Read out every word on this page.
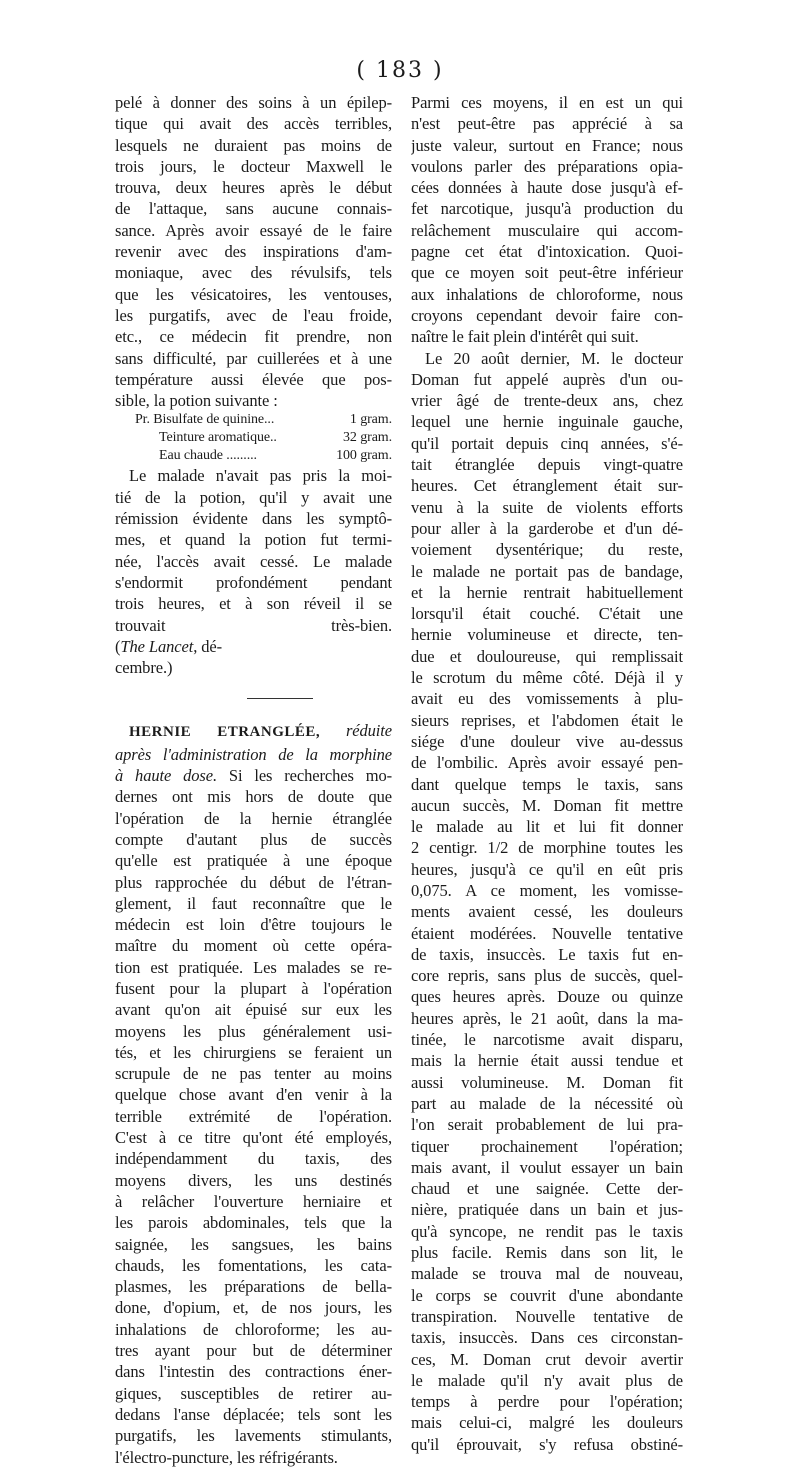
( 183 )
pelé à donner des soins à un épilep-
tique qui avait des accès terribles,
lesquels ne duraient pas moins de
trois jours, le docteur Maxwell le
trouva, deux heures après le début
de l'attaque, sans aucune connais-
sance. Après avoir essayé de le faire
revenir avec des inspirations d'am-
moniaque, avec des révulsifs, tels
que les vésicatoires, les ventouses,
les purgatifs, avec de l'eau froide,
etc., ce médecin fit prendre, non
sans difficulté, par cuillerées et à une
température aussi élevée que pos-
sible, la potion suivante :
Pr. Bisulfate de quinine...	1 gram.
Teinture aromatique..	32 gram.
Eau chaude .........	100 gram.
Le malade n'avait pas pris la moi-
tié de la potion, qu'il y avait une
rémission évidente dans les symptô-
mes, et quand la potion fut termi-
née, l'accès avait cessé. Le malade
s'endormit profondément pendant
trois heures, et à son réveil il se
trouvait très-bien.
(The Lancet, dé-
cembre.)
HERNIE ETRANGLÉE, réduite
après l'administration de la morphine
à haute dose. Si les recherches mo-
dernes ont mis hors de doute que
l'opération de la hernie étranglée
compte d'autant plus de succès
qu'elle est pratiquée à une époque
plus rapprochée du début de l'étran-
glement, il faut reconnaître que le
médecin est loin d'être toujours le
maître du moment où cette opéra-
tion est pratiquée. Les malades se re-
fusent pour la plupart à l'opération
avant qu'on ait épuisé sur eux les
moyens les plus généralement usi-
tés, et les chirurgiens se feraient un
scrupule de ne pas tenter au moins
quelque chose avant d'en venir à la
terrible extrémité de l'opération.
C'est à ce titre qu'ont été employés,
indépendamment du taxis, des
moyens divers, les uns destinés
à relâcher l'ouverture herniaire et
les parois abdominales, tels que la
saignée, les sangsues, les bains
chauds, les fomentations, les cata-
plasmes, les préparations de bella-
done, d'opium, et, de nos jours, les
inhalations de chloroforme; les au-
tres ayant pour but de déterminer
dans l'intestin des contractions éner-
giques, susceptibles de retirer au-
dedans l'anse déplacée; tels sont les
purgatifs, les lavements stimulants,
l'électro-puncture, les réfrigérants.
Parmi ces moyens, il en est un qui
n'est peut-être pas apprécié à sa
juste valeur, surtout en France; nous
voulons parler des préparations opia-
cées données à haute dose jusqu'à ef-
fet narcotique, jusqu'à production du
relâchement musculaire qui accom-
pagne cet état d'intoxication. Quoi-
que ce moyen soit peut-être inférieur
aux inhalations de chloroforme, nous
croyons cependant devoir faire con-
naître le fait plein d'intérêt qui suit.
Le 20 août dernier, M. le docteur
Doman fut appelé auprès d'un ou-
vrier âgé de trente-deux ans, chez
lequel une hernie inguinale gauche,
qu'il portait depuis cinq années, s'é-
tait étranglée depuis vingt-quatre
heures. Cet étranglement était sur-
venu à la suite de violents efforts
pour aller à la garderobe et d'un dé-
voiement dysentérique; du reste,
le malade ne portait pas de bandage,
et la hernie rentrait habituellement
lorsqu'il était couché. C'était une
hernie volumineuse et directe, ten-
due et douloureuse, qui remplissait
le scrotum du même côté. Déjà il y
avait eu des vomissements à plu-
sieurs reprises, et l'abdomen était le
siége d'une douleur vive au-dessus
de l'ombilic. Après avoir essayé pen-
dant quelque temps le taxis, sans
aucun succès, M. Doman fit mettre
le malade au lit et lui fit donner
2 centigr. 1/2 de morphine toutes les
heures, jusqu'à ce qu'il en eût pris
0,075. A ce moment, les vomisse-
ments avaient cessé, les douleurs
étaient modérées. Nouvelle tentative
de taxis, insuccès. Le taxis fut en-
core repris, sans plus de succès, quel-
ques heures après. Douze ou quinze
heures après, le 21 août, dans la ma-
tinée, le narcotisme avait disparu,
mais la hernie était aussi tendue et
aussi volumineuse. M. Doman fit
part au malade de la nécessité où
l'on serait probablement de lui pra-
tiquer prochainement l'opération;
mais avant, il voulut essayer un bain
chaud et une saignée. Cette der-
nière, pratiquée dans un bain et jus-
qu'à syncope, ne rendit pas le taxis
plus facile. Remis dans son lit, le
malade se trouva mal de nouveau,
le corps se couvrit d'une abondante
transpiration. Nouvelle tentative de
taxis, insuccès. Dans ces circonstan-
ces, M. Doman crut devoir avertir
le malade qu'il n'y avait plus de
temps à perdre pour l'opération;
mais celui-ci, malgré les douleurs
qu'il éprouvait, s'y refusa obstiné-
